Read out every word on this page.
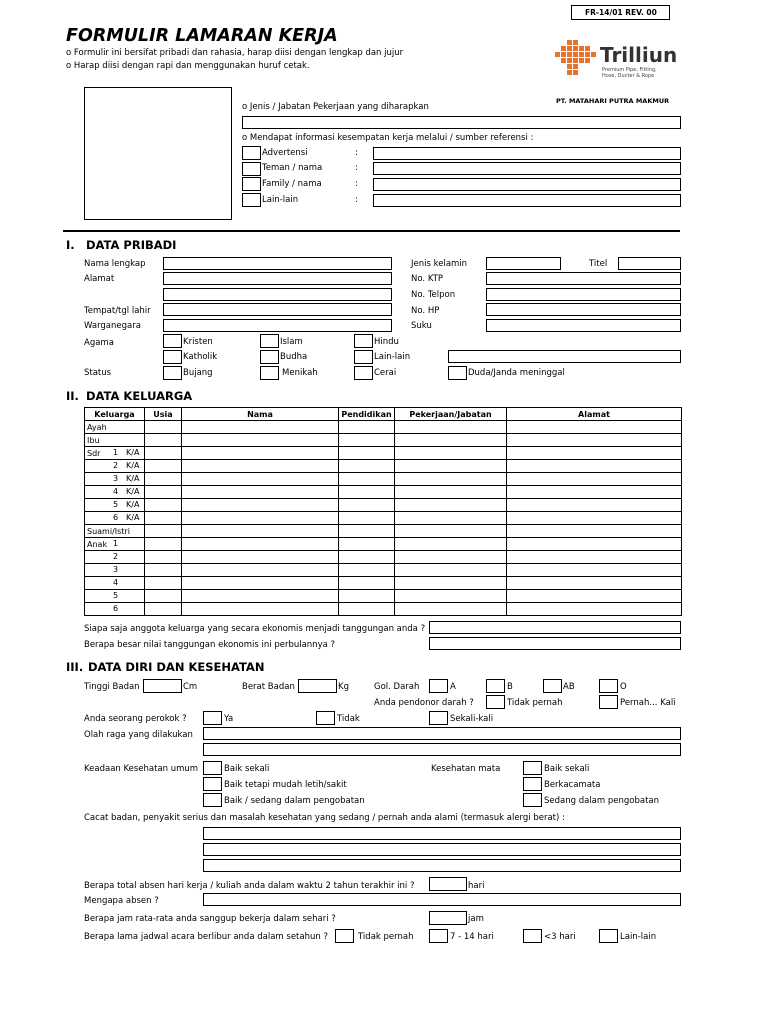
FR-14/01 REV. 00
FORMULIR LAMARAN KERJA
o Formulir ini bersifat pribadi dan rahasia, harap diisi dengan lengkap dan jujur
o Harap diisi dengan rapi dan menggunakan huruf cetak.	Trilliun
Premium Pipe, Fitting,
Hose, Ducter & Rope
PT. MATAHARI PUTRA MAKMUR
o Jenis / Jabatan Pekerjaan yang diharapkan
o Mendapat informasi kesempatan kerja melalui / sumber referensi :
Advertensi	:
Teman / nama	:
Family / nama	:
Lain-lain	:
I. DATA PRIBADI
Nama lengkap	Jenis kelamin	Titel
Alamat	No. KTP
No. Telpon
Tempat/tgl lahir	No. HP
Warganegara	Suku
Agama	Kristen	Islam	Hindu
Katholik	Budha	Lain-lain
Status	Bujang	Menikah	Cerai	Duda/Janda meninggal
II. DATA KELUARGA
Keluarga	Usia	Nama	Pendidikan	Pekerjaan/Jabatan	Alamat
Ayah

Ibu

Sdr 1 K/A					

2 K/A					

3 K/A					

4 K/A					

5 K/A					

6 K/A					

Suami/Istri

Anak 1					

2					

3					

4					

5					

6					

Siapa saja anggota keluarga yang secara ekonomis menjadi tanggungan anda ?
Berapa besar nilai tanggungan ekonomis ini perbulannya ?
III. DATA DIRI DAN KESEHATAN
Tinggi Badan	Cm	Berat Badan	Kg	Gol. Darah	A	B	AB	O
Anda pendonor darah ?	Tidak pernah	Pernah... Kali
Anda seorang perokok ?	Ya	Tidak	Sekali-kali
Olah raga yang dilakukan
Keadaan Kesehatan umum	Baik sekali
Baik tetapi mudah letih/sakit
Baik / sedang dalam pengobatan
Kesehatan mata	Baik sekali
Berkacamata
Sedang dalam pengobatan
Cacat badan, penyakit serius dan masalah kesehatan yang sedang / pernah anda alami (termasuk alergi berat) :
Berapa total absen hari kerja / kuliah anda dalam waktu 2 tahun terakhir ini ?	hari
Mengapa absen ?
Berapa jam rata-rata anda sanggup bekerja dalam sehari ?	jam
Berapa lama jadwal acara berlibur anda dalam setahun ?	Tidak pernah	7 - 14 hari	<3 hari	Lain-lain
